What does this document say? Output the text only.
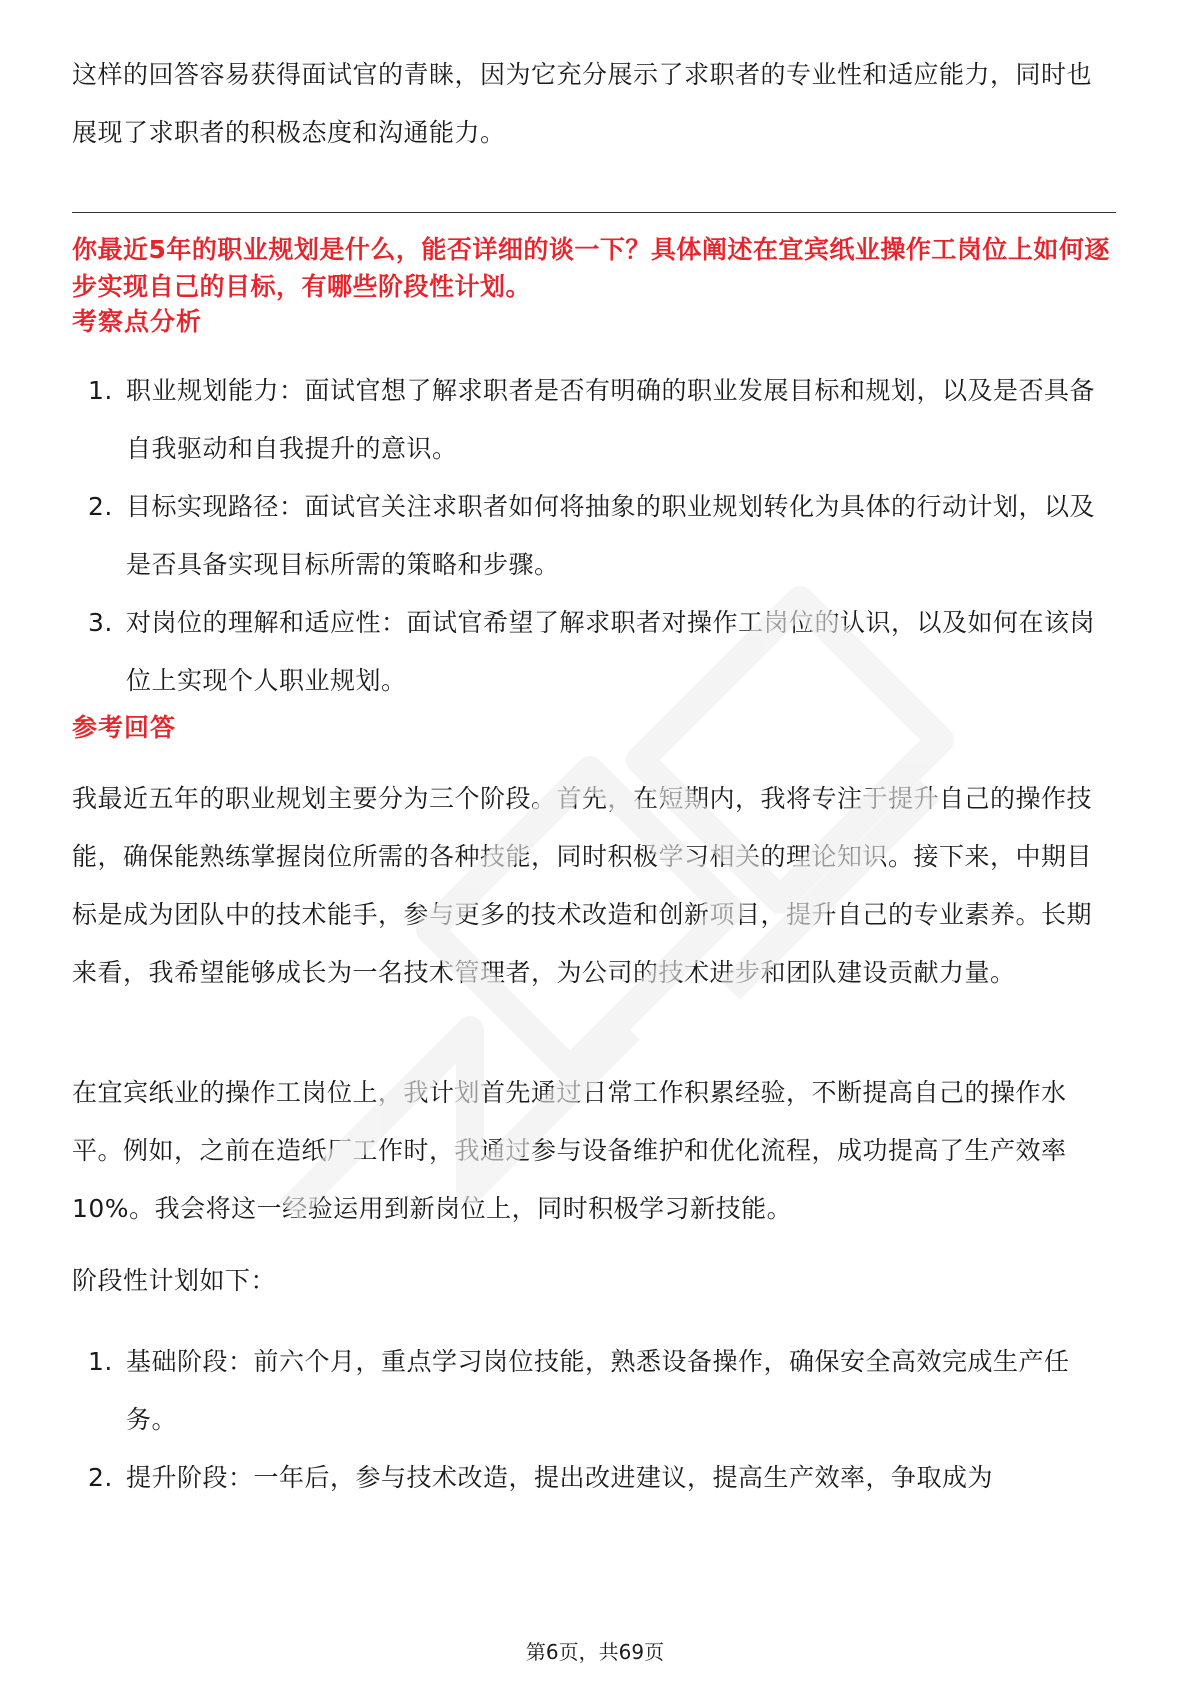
这样的回答容易获得面试官的青睐，因为它充分展示了求职者的专业性和适应能力，同时也展现了求职者的积极态度和沟通能力。

你最近5年的职业规划是什么，能否详细的谈一下？具体阐述在宜宾纸业操作工岗位上如何逐步实现自己的目标，有哪些阶段性计划。
考察点分析
1. 职业规划能力：面试官想了解求职者是否有明确的职业发展目标和规划，以及是否具备自我驱动和自我提升的意识。
2. 目标实现路径：面试官关注求职者如何将抽象的职业规划转化为具体的行动计划，以及是否具备实现目标所需的策略和步骤。
3. 对岗位的理解和适应性：面试官希望了解求职者对操作工岗位的认识，以及如何在该岗位上实现个人职业规划。
参考回答

我最近五年的职业规划主要分为三个阶段。首先，在短期内，我将专注于提升自己的操作技能，确保能熟练掌握岗位所需的各种技能，同时积极学习相关的理论知识。接下来，中期目标是成为团队中的技术能手，参与更多的技术改造和创新项目，提升自己的专业素养。长期来看，我希望能够成长为一名技术管理者，为公司的技术进步和团队建设贡献力量。

在宜宾纸业的操作工岗位上，我计划首先通过日常工作积累经验，不断提高自己的操作水平。例如，之前在造纸厂工作时，我通过参与设备维护和优化流程，成功提高了生产效率10%。我会将这一经验运用到新岗位上，同时积极学习新技能。

阶段性计划如下：

1. 基础阶段：前六个月，重点学习岗位技能，熟悉设备操作，确保安全高效完成生产任务。
2. 提升阶段：一年后，参与技术改造，提出改进建议，提高生产效率，争取成为
第6页，共69页
